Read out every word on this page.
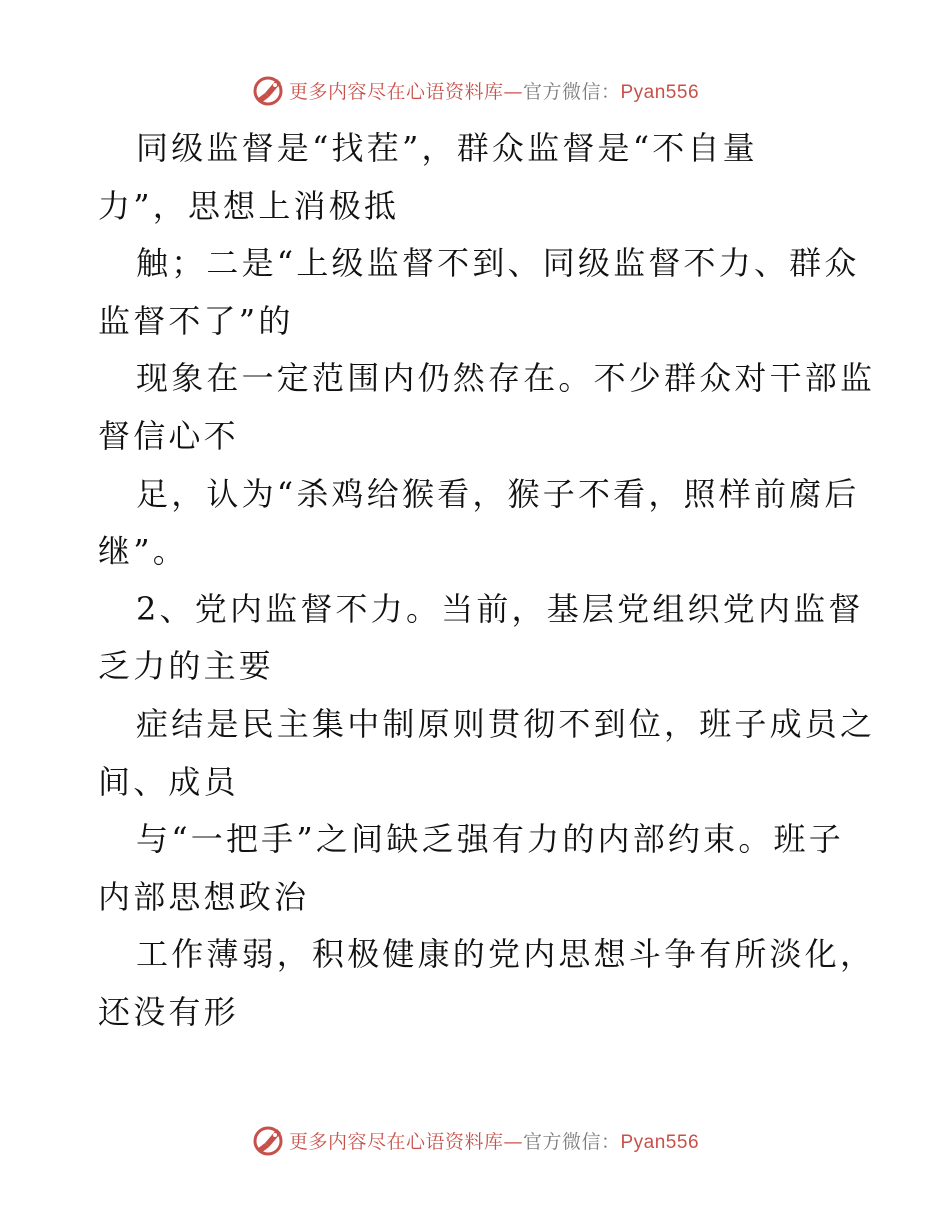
更多内容尽在心语资料库—官方微信：Pyan556
同级监督是“找茬”，群众监督是“不自量
力”，思想上消极抵
触；二是“上级监督不到、同级监督不力、群众
监督不了”的
现象在一定范围内仍然存在。不少群众对干部监
督信心不
足，认为“杀鸡给猴看，猴子不看，照样前腐后
继”。
2、党内监督不力。当前，基层党组织党内监督
乏力的主要
症结是民主集中制原则贯彻不到位，班子成员之
间、成员
与“一把手”之间缺乏强有力的内部约束。班子
内部思想政治
工作薄弱，积极健康的党内思想斗争有所淡化，
还没有形
更多内容尽在心语资料库—官方微信：Pyan556
